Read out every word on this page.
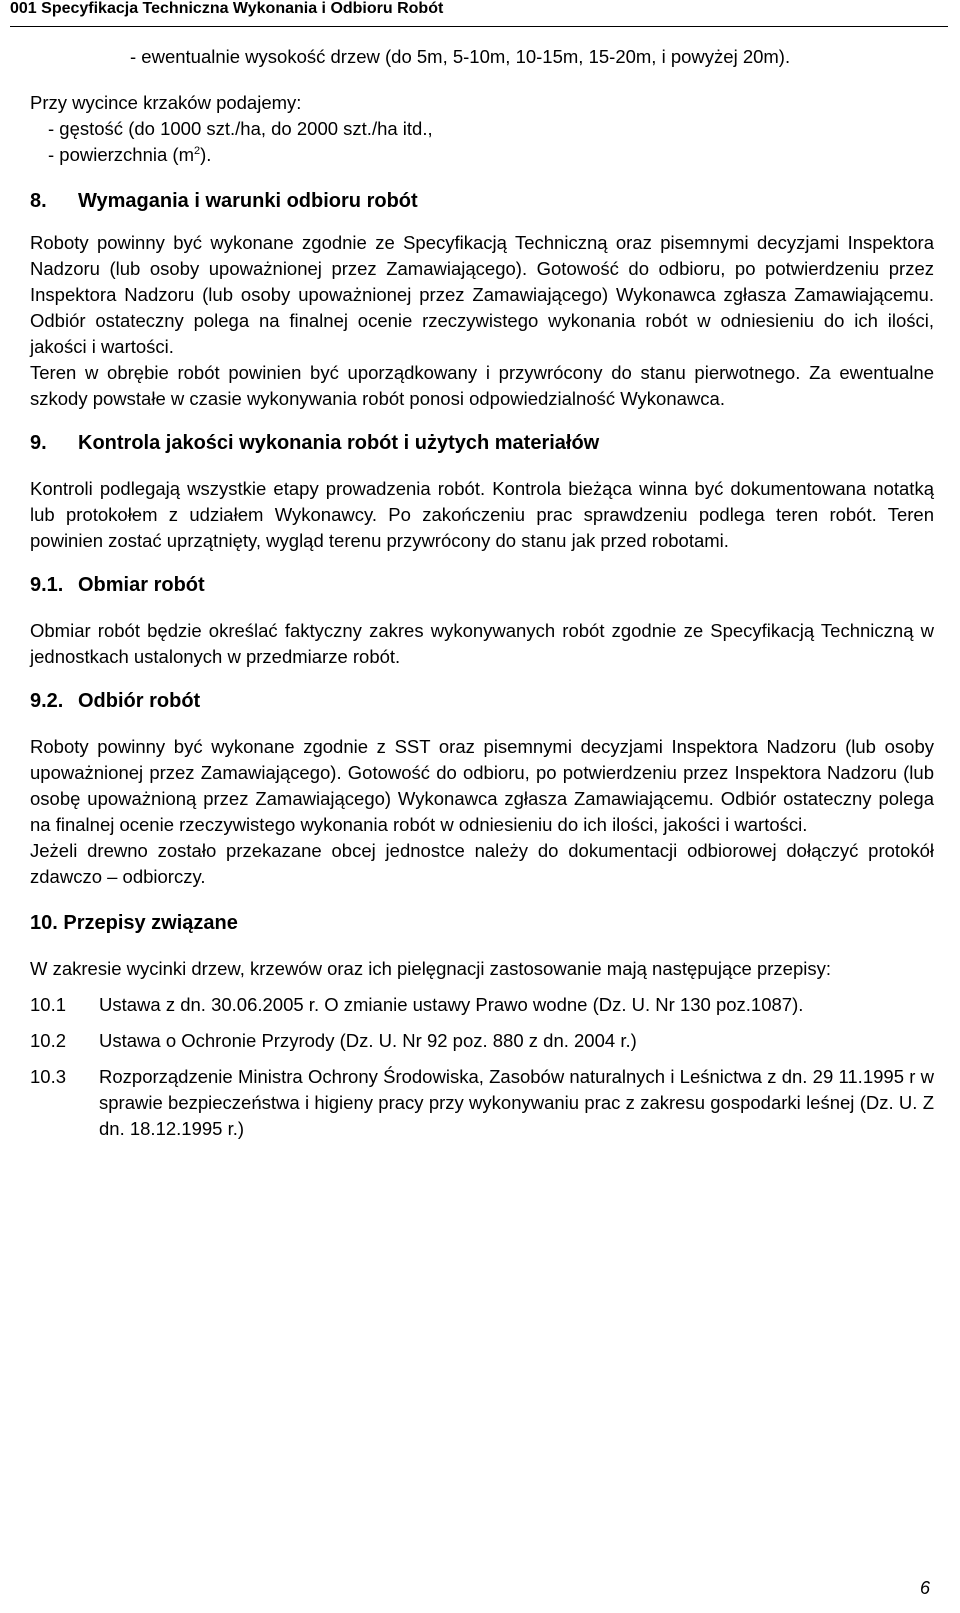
001 Specyfikacja Techniczna Wykonania i Odbioru Robót

- ewentualnie wysokość drzew (do 5m, 5-10m, 10-15m, 15-20m, i powyżej 20m).

Przy wycince krzaków podajemy:

- gęstość (do 1000 szt./ha, do 2000 szt./ha itd.,

- powierzchnia $(m^2)$.

8.	Wymagania i warunki odbioru robót

Roboty powinny być wykonane zgodnie ze Specyfikacją Techniczną oraz pisemnymi decyzjami Inspektora Nadzoru (lub osoby upoważnionej przez Zamawiającego). Gotowość do odbioru, po potwierdzeniu przez Inspektora Nadzoru (lub osoby upoważnionej przez Zamawiającego) Wykonawca zgłasza Zamawiającemu. Odbiór ostateczny polega na finalnej ocenie rzeczywistego wykonania robót w odniesieniu do ich ilości, jakości i wartości.

Teren w obrębie robót powinien być uporządkowany i przywrócony do stanu pierwotnego. Za ewentualne szkody powstałe w czasie wykonywania robót ponosi odpowiedzialność Wykonawca.

9.	Kontrola jakości wykonania robót i użytych materiałów

Kontroli podlegają wszystkie etapy prowadzenia robót. Kontrola bieżąca winna być dokumentowana notatką lub protokołem z udziałem Wykonawcy. Po zakończeniu prac sprawdzeniu podlega teren robót. Teren powinien zostać uprzątnięty, wygląd terenu przywrócony do stanu jak przed robotami.

9.1. Obmiar robót

Obmiar robót będzie określać faktyczny zakres wykonywanych robót zgodnie ze Specyfikacją Techniczną w jednostkach ustalonych w przedmiarze robót.

9.2. Odbiór robót

Roboty powinny być wykonane zgodnie z SST oraz pisemnymi decyzjami Inspektora Nadzoru (lub osoby upoważnionej przez Zamawiającego). Gotowość do odbioru, po potwierdzeniu przez Inspektora Nadzoru (lub osobę upoważnioną przez Zamawiającego) Wykonawca zgłasza Zamawiającemu. Odbiór ostateczny polega na finalnej ocenie rzeczywistego wykonania robót w odniesieniu do ich ilości, jakości i wartości.

Jeżeli drewno zostało przekazane obcej jednostce należy do dokumentacji odbiorowej dołączyć protokół zdawczo – odbiorczy.

10. Przepisy związane

W zakresie wycinki drzew, krzewów oraz ich pielęgnacji zastosowanie mają następujące przepisy:

10.1	Ustawa z dn. 30.06.2005 r. O zmianie ustawy Prawo wodne (Dz. U. Nr 130 poz.1087).
10.2	Ustawa o Ochronie Przyrody (Dz. U. Nr 92 poz. 880 z dn. 2004 r.)
10.3	Rozporządzenie Ministra Ochrony Środowiska, Zasobów naturalnych i Leśnictwa z dn. 29 11.1995 r w sprawie bezpieczeństwa i higieny pracy przy wykonywaniu prac z zakresu gospodarki leśnej (Dz. U. Z dn. 18.12.1995 r.)
6
